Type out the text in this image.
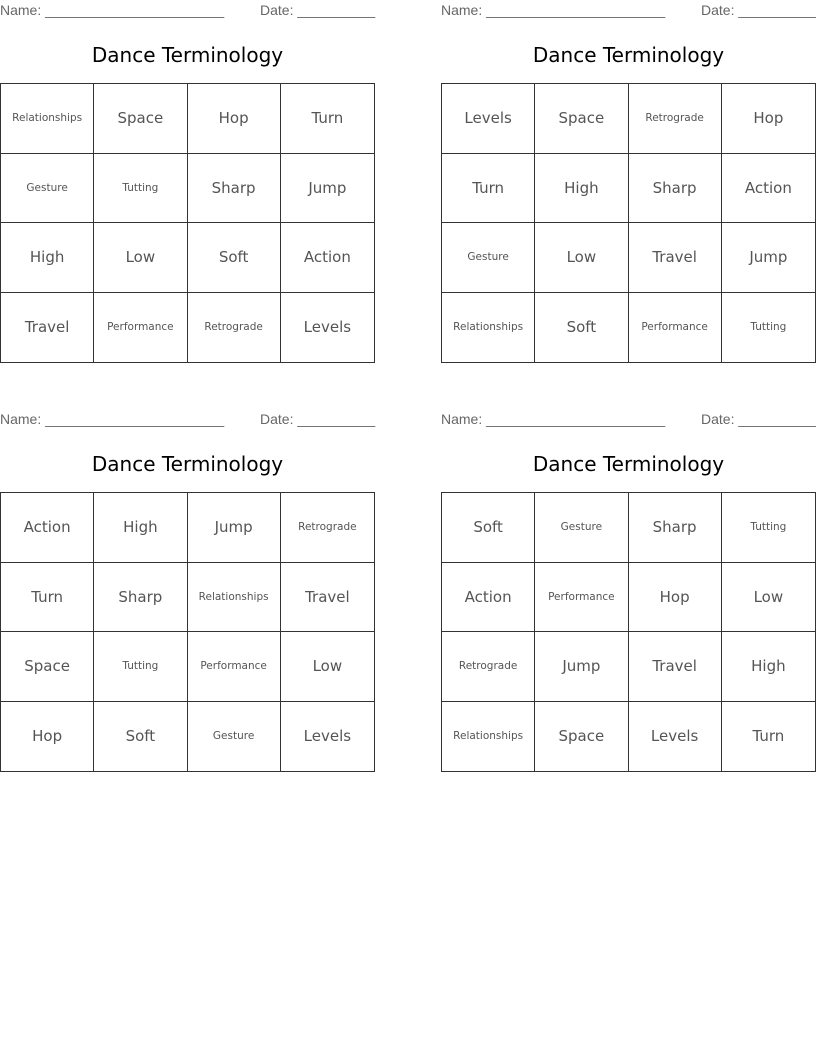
Name: _______________________	Date: __________
Dance Terminology
Relationships	Space	Hop	Turn
Gesture	Tutting	Sharp	Jump
High	Low	Soft	Action
Travel	Performance	Retrograde	Levels
Name: _______________________	Date: __________
Dance Terminology
Levels	Space	Retrograde	Hop
Turn	High	Sharp	Action
Gesture	Low	Travel	Jump
Relationships	Soft	Performance	Tutting
Name: _______________________	Date: __________
Dance Terminology
Action	High	Jump	Retrograde
Turn	Sharp	Relationships	Travel
Space	Tutting	Performance	Low
Hop	Soft	Gesture	Levels
Name: _______________________	Date: __________
Dance Terminology
Soft	Gesture	Sharp	Tutting
Action	Performance	Hop	Low
Retrograde	Jump	Travel	High
Relationships	Space	Levels	Turn
